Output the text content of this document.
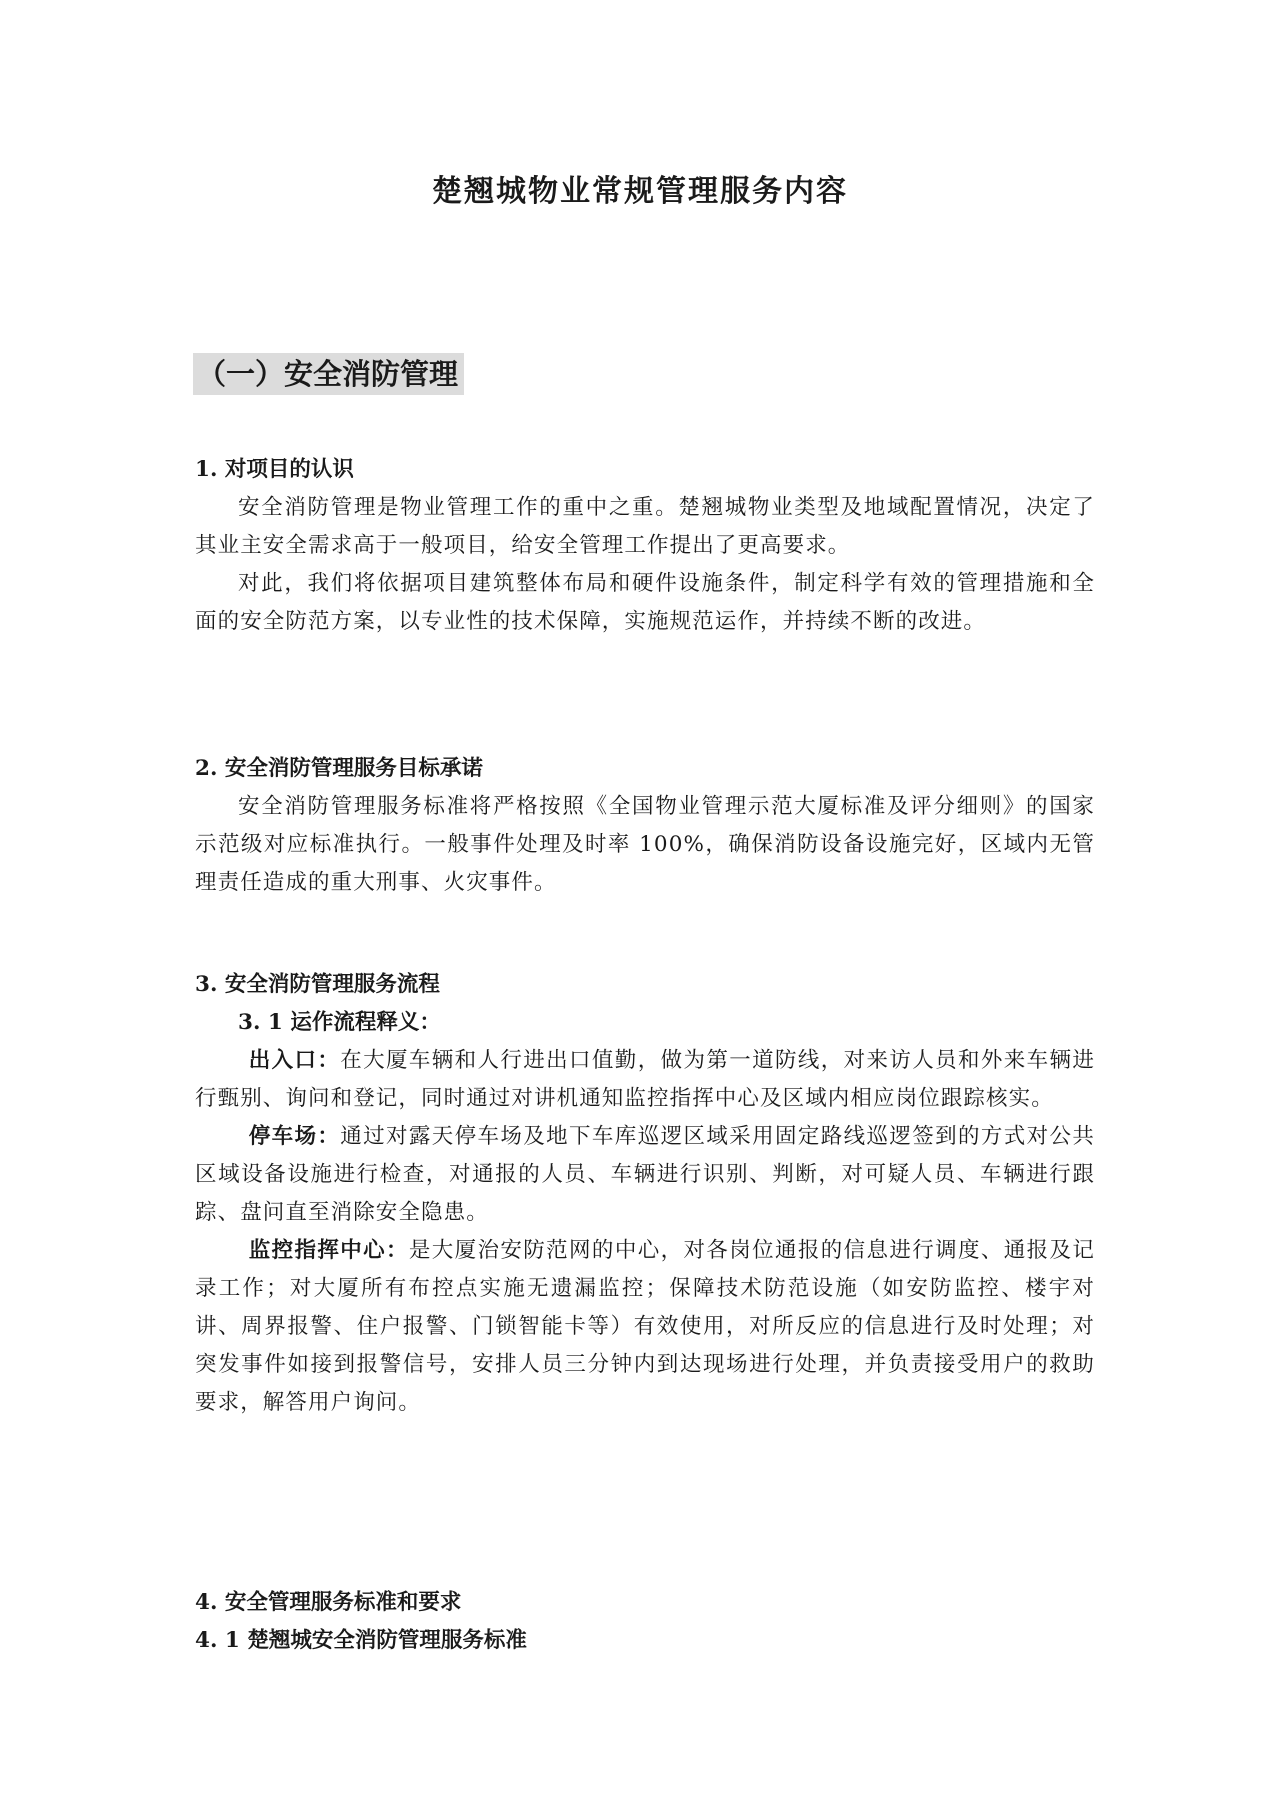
楚翘城物业常规管理服务内容
（一）安全消防管理

1. 对项目的认识

安全消防管理是物业管理工作的重中之重。楚翘城物业类型及地域配置情况，决定了其业主安全需求高于一般项目，给安全管理工作提出了更高要求。

对此，我们将依据项目建筑整体布局和硬件设施条件，制定科学有效的管理措施和全面的安全防范方案，以专业性的技术保障，实施规范运作，并持续不断的改进。

2. 安全消防管理服务目标承诺

安全消防管理服务标准将严格按照《全国物业管理示范大厦标准及评分细则》的国家示范级对应标准执行。一般事件处理及时率 100%，确保消防设备设施完好，区域内无管理责任造成的重大刑事、火灾事件。

3. 安全消防管理服务流程

3. 1 运作流程释义：

出入口：在大厦车辆和人行进出口值勤，做为第一道防线，对来访人员和外来车辆进行甄别、询问和登记，同时通过对讲机通知监控指挥中心及区域内相应岗位跟踪核实。

停车场：通过对露天停车场及地下车库巡逻区域采用固定路线巡逻签到的方式对公共区域设备设施进行检查，对通报的人员、车辆进行识别、判断，对可疑人员、车辆进行跟踪、盘问直至消除安全隐患。

监控指挥中心：是大厦治安防范网的中心，对各岗位通报的信息进行调度、通报及记录工作；对大厦所有布控点实施无遗漏监控；保障技术防范设施（如安防监控、楼宇对讲、周界报警、住户报警、门锁智能卡等）有效使用，对所反应的信息进行及时处理；对突发事件如接到报警信号，安排人员三分钟内到达现场进行处理，并负责接受用户的救助要求，解答用户询问。

4. 安全管理服务标准和要求

4. 1 楚翘城安全消防管理服务标准
